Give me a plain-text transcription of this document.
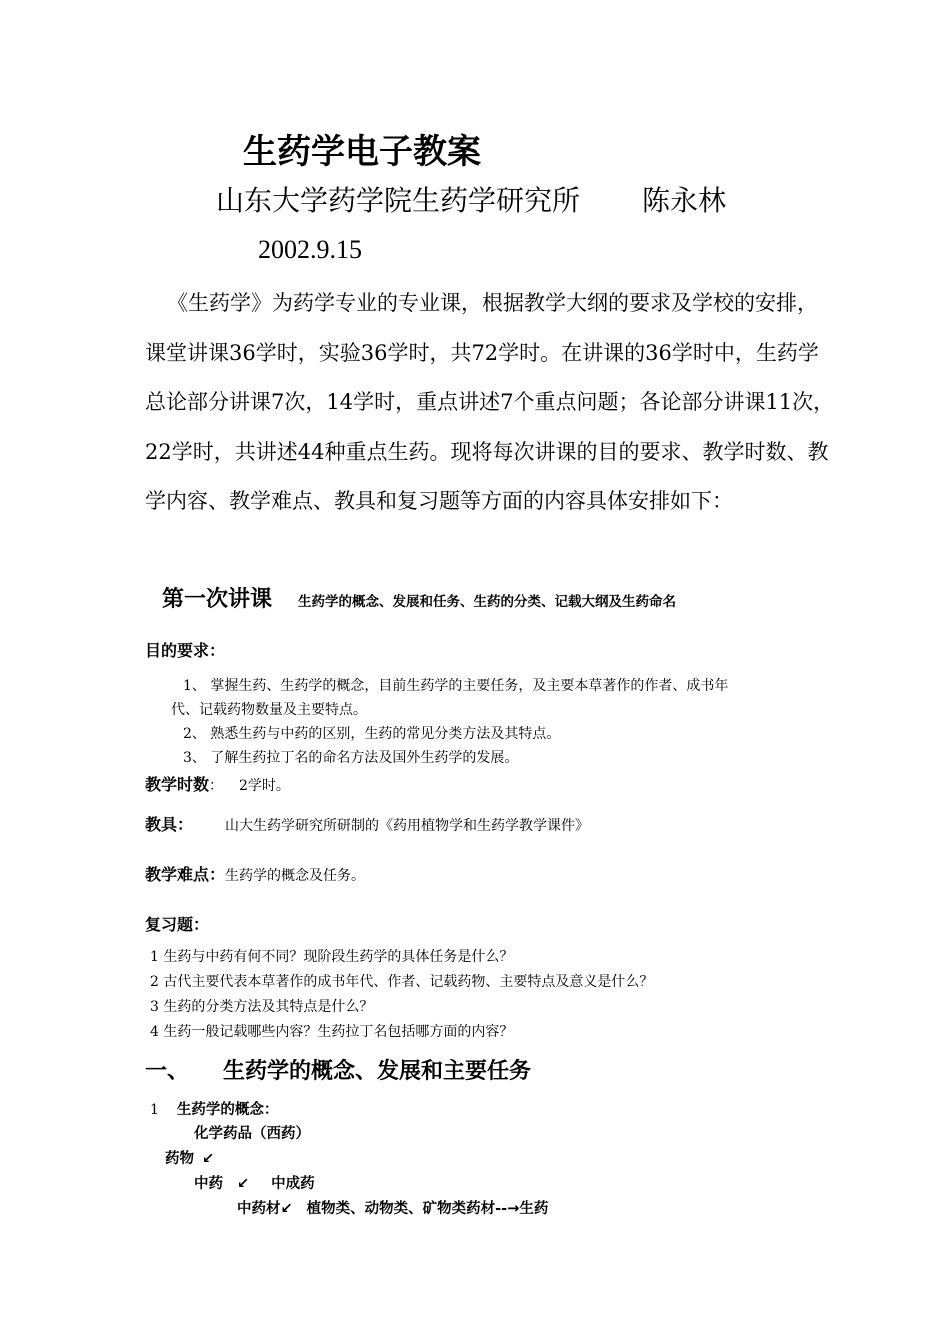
生药学电子教案
山东大学药学院生药学研究所 陈永林
2002.9.15
《生药学》为药学专业的专业课，根据教学大纲的要求及学校的安排，课堂讲课36学时，实验36学时，共72学时。在讲课的36学时中，生药学总论部分讲课7次，14学时，重点讲述7个重点问题；各论部分讲课11次，22学时，共讲述44种重点生药。现将每次讲课的目的要求、教学时数、教学内容、教学难点、教具和复习题等方面的内容具体安排如下：
第一次讲课 生药学的概念、发展和任务、生药的分类、记载大纲及生药命名
目的要求：

1、 掌握生药、生药学的概念，目前生药学的主要任务，及主要本草著作的作者、成书年

代、记载药物数量及主要特点。

2、 熟悉生药与中药的区别，生药的常见分类方法及其特点。

3、 了解生药拉丁名的命名方法及国外生药学的发展。

教学时数： 2学时。
教具： 山大生药学研究所研制的《药用植物学和生药学教学课件》
教学难点：生药学的概念及任务。
复习题：
1 生药与中药有何不同？现阶段生药学的具体任务是什么？
2 古代主要代表本草著作的成书年代、作者、记载药物、主要特点及意义是什么？
3 生药的分类方法及其特点是什么？
4 生药一般记载哪些内容？生药拉丁名包括哪方面的内容？
一、 生药学的概念、发展和主要任务
1 生药学的概念：
化学药品（西药）
药物 ↙
中药 ↙ 中成药
中药材↙ 植物类、动物类、矿物类药材--→生药
